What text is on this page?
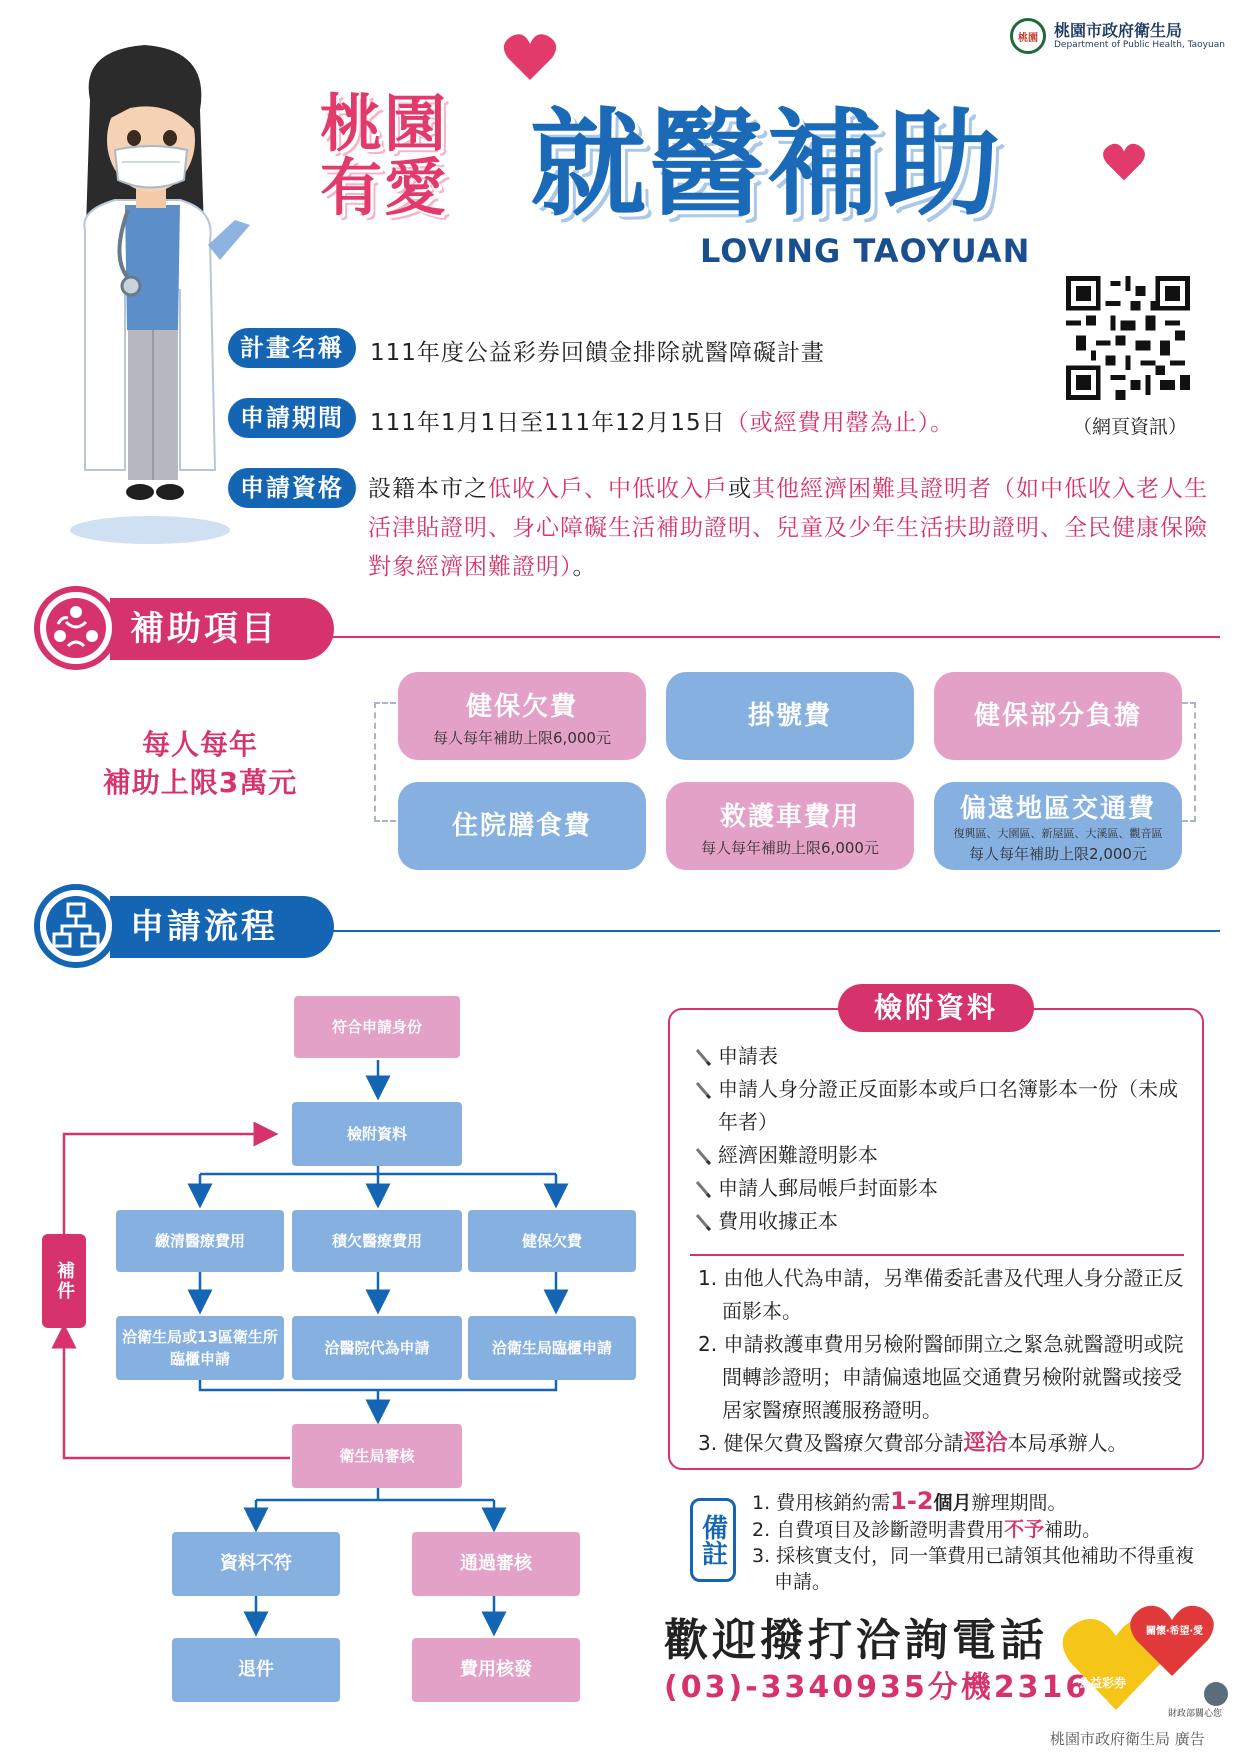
桃園 桃園市政府衛生局
Department of Public Health, Taoyuan
桃園
有愛 就醫補助
LOVING TAOYUAN
（網頁資訊）
計畫名稱	111年度公益彩券回饋金排除就醫障礙計畫
申請期間	111年1月1日至111年12月15日（或經費用罄為止）。
申請資格	設籍本市之低收入戶、中低收入戶或其他經濟困難具證明者（如中低收入老人生 活津貼證明、身心障礙生活補助證明、兒童及少年生活扶助證明、全民健康保險對象經濟困難證明）。
補助項目
每人每年
補助上限3萬元
健保欠費
每人每年補助上限6,000元
掛號費	健保部分負擔
住院膳食費	救護車費用
每人每年補助上限6,000元
偏遠地區交通費
復興區、大園區、新屋區、大溪區、觀音區
每人每年補助上限2,000元
申請流程
符合申請身份
檢附資料
繳清醫療費用	積欠醫療費用	健保欠費
洽衛生局或13區衛生所臨櫃申請
洽醫院代為申請	洽衛生局臨櫃申請
衛生局審核
資料不符	通過審核
退件	費用核發
補件
檢附資料
申請表
申請人身分證正反面影本或戶口名簿影本一份（未成年者）
經濟困難證明影本
申請人郵局帳戶封面影本
費用收據正本
1. 由他人代為申請，另準備委託書及代理人身分證正反面影本。
2. 申請救護車費用另檢附醫師開立之緊急就醫證明或院間轉診證明；申請偏遠地區交通費另檢附就醫或接受居家醫療照護服務證明。
3. 健保欠費及醫療欠費部分請逕洽本局承辦人。
備註
1. 費用核銷約需1-2個月辦理期間。
2. 自費項目及診斷證明書費用不予補助。
3. 採核實支付，同一筆費用已請領其他補助不得重複申請。
歡迎撥打洽詢電話
(03)-3340935分機2316
公益彩券
關懷‧希望‧愛
財政部關心您
桃園市政府衛生局 廣告
